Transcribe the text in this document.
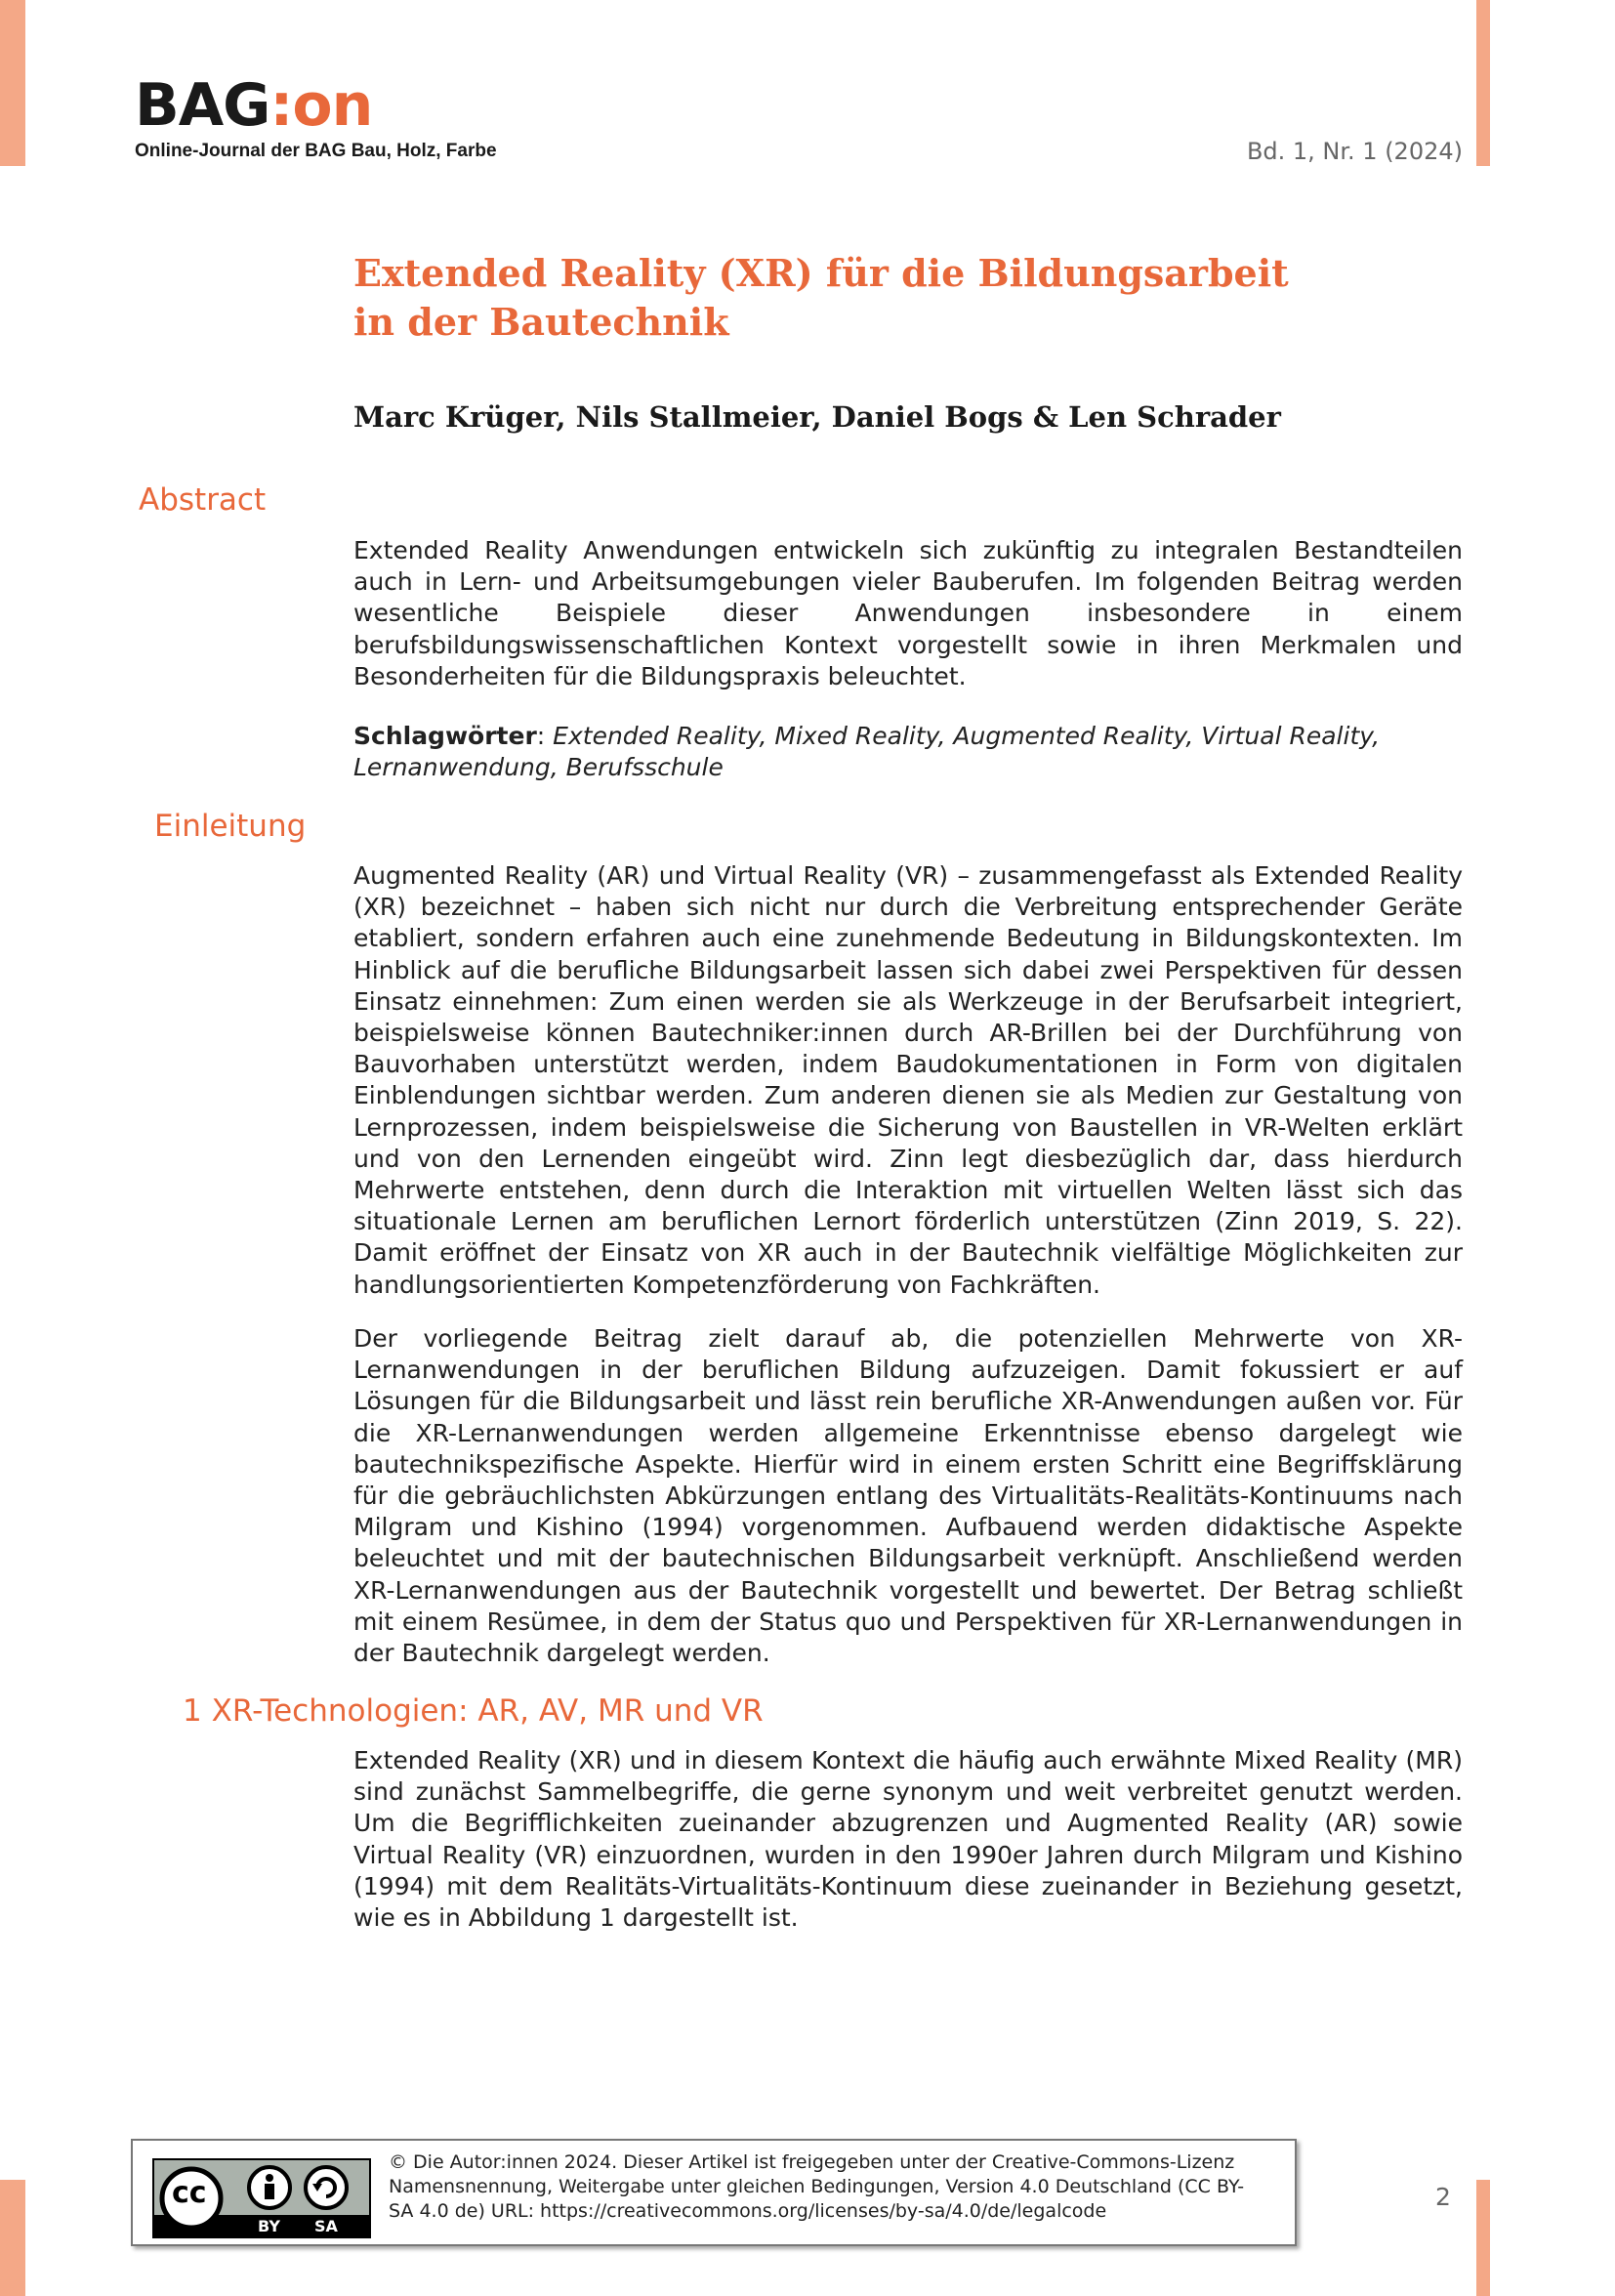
BAG:on
Online-Journal der BAG Bau, Holz, Farbe	Bd. 1, Nr. 1 (2024)
Extended Reality (XR) für die Bildungsarbeit
in der Bautechnik

Marc Krüger, Nils Stallmeier, Daniel Bogs & Len Schrader

Abstract

Extended Reality Anwendungen entwickeln sich zukünftig zu integralen Bestandteilen auch in Lern- und Arbeitsumgebungen vieler Bauberufen. Im folgenden Beitrag werden wesentliche Beispiele dieser Anwendungen insbesondere in einem berufsbildungswissenschaftlichen Kontext vorgestellt sowie in ihren Merkmalen und Besonderheiten für die Bildungspraxis beleuchtet.

Schlagwörter: Extended Reality, Mixed Reality, Augmented Reality, Virtual Reality, Lernanwendung, Berufsschule

Einleitung

Augmented Reality (AR) und Virtual Reality (VR) – zusammengefasst als Extended Reality (XR) bezeichnet – haben sich nicht nur durch die Verbreitung entsprechender Geräte etabliert, sondern erfahren auch eine zunehmende Bedeutung in Bildungskontexten. Im Hinblick auf die berufliche Bildungsarbeit lassen sich dabei zwei Perspektiven für dessen Einsatz einnehmen: Zum einen werden sie als Werkzeuge in der Berufsarbeit integriert, beispielsweise können Bautechniker:innen durch AR-Brillen bei der Durchführung von Bauvorhaben unterstützt werden, indem Baudokumentationen in Form von digitalen Einblendungen sichtbar werden. Zum anderen dienen sie als Medien zur Gestaltung von Lernprozessen, indem beispielsweise die Sicherung von Baustellen in VR-Welten erklärt und von den Lernenden eingeübt wird. Zinn legt diesbezüglich dar, dass hierdurch Mehrwerte entstehen, denn durch die Interaktion mit virtuellen Welten lässt sich das situationale Lernen am beruflichen Lernort förderlich unterstützen (Zinn 2019, S. 22). Damit eröffnet der Einsatz von XR auch in der Bautechnik vielfältige Möglichkeiten zur handlungsorientierten Kompetenzförderung von Fachkräften.

Der vorliegende Beitrag zielt darauf ab, die potenziellen Mehrwerte von XR-Lernanwendungen in der beruflichen Bildung aufzuzeigen. Damit fokussiert er auf Lösungen für die Bildungsarbeit und lässt rein berufliche XR-Anwendungen außen vor. Für die XR-Lernanwendungen werden allgemeine Erkenntnisse ebenso dargelegt wie bautechnikspezifische Aspekte. Hierfür wird in einem ersten Schritt eine Begriffsklärung für die gebräuchlichsten Abkürzungen entlang des Virtualitäts-Realitäts-Kontinuums nach Milgram und Kishino (1994) vorgenommen. Aufbauend werden didaktische Aspekte beleuchtet und mit der bautechnischen Bildungsarbeit verknüpft. Anschließend werden XR-Lernanwendungen aus der Bautechnik vorgestellt und bewertet. Der Betrag schließt mit einem Resümee, in dem der Status quo und Perspektiven für XR-Lernanwendungen in der Bautechnik dargelegt werden.

1 XR-Technologien: AR, AV, MR und VR

Extended Reality (XR) und in diesem Kontext die häufig auch erwähnte Mixed Reality (MR) sind zunächst Sammelbegriffe, die gerne synonym und weit verbreitet genutzt werden. Um die Begrifflichkeiten zueinander abzugrenzen und Augmented Reality (AR) sowie Virtual Reality (VR) einzuordnen, wurden in den 1990er Jahren durch Milgram und Kishino (1994) mit dem Realitäts-Virtualitäts-Kontinuum diese zueinander in Beziehung gesetzt, wie es in Abbildung 1 dargestellt ist.

cc
BY SA

© Die Autor:innen 2024. Dieser Artikel ist freigegeben unter der Creative-Commons-Lizenz Namensnennung, Weitergabe unter gleichen Bedingungen, Version 4.0 Deutschland (CC BY-SA 4.0 de) URL: https://creativecommons.org/licenses/by-sa/4.0/de/legalcode	2
